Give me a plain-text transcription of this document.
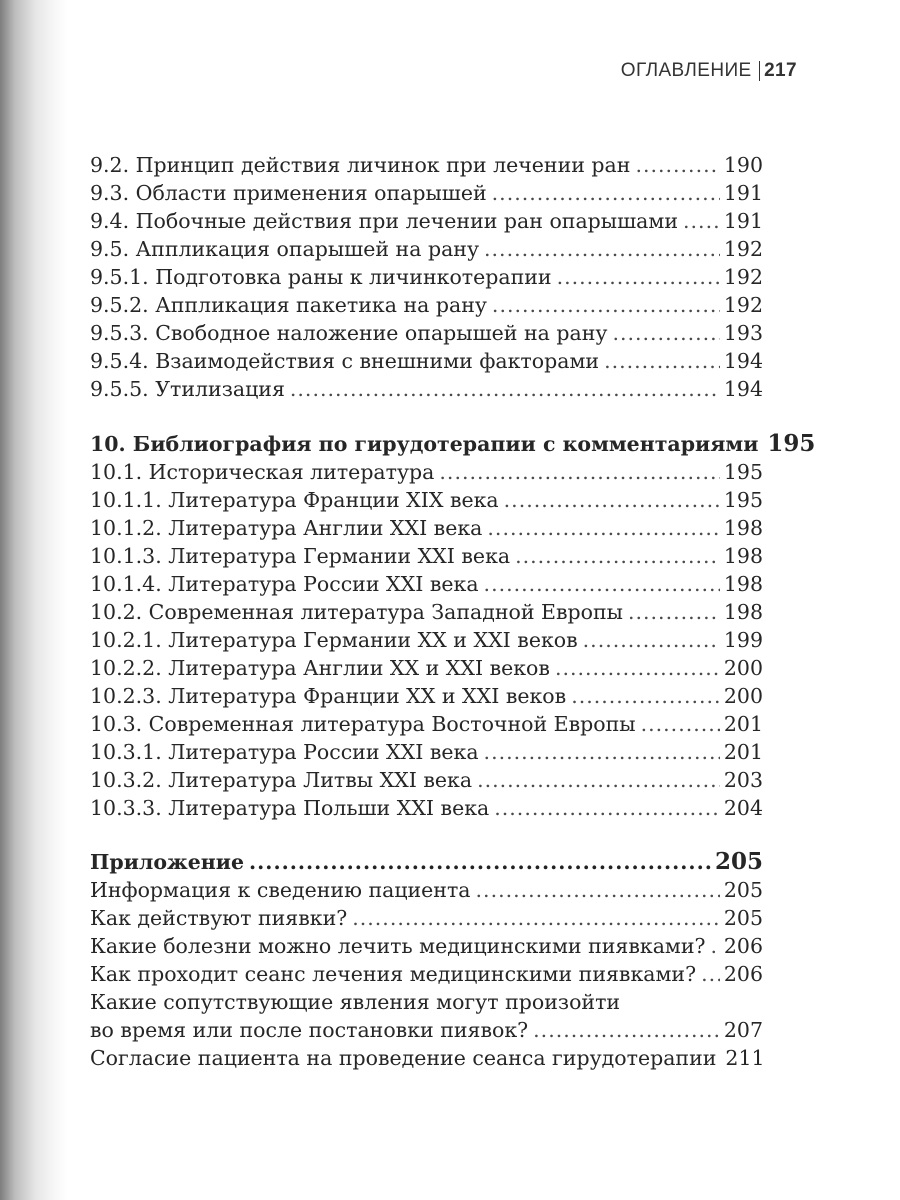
ОГЛАВЛЕНИЕ 217
9.2. Принцип действия личинок при лечении ран .....	190
9.3. Области применения опарышей .....	191
9.4. Побочные действия при лечении ран опарышами ..... 191
9.5. Аппликация опарышей на рану .....	192
9.5.1. Подготовка раны к личинкотерапии .....	192
9.5.2. Аппликация пакетика на рану .....	192
9.5.3. Свободное наложение опарышей на рану .....	193
9.5.4. Взаимодействия с внешними факторами .....	194
9.5.5. Утилизация .....	194
10. Библиография по гирудотерапии с комментариями 195
10.1. Историческая литература .....	195
10.1.1. Литература Франции XIX века .....	195
10.1.2. Литература Англии XXI века .....	198
10.1.3. Литература Германии XXI века .....	198
10.1.4. Литература России XXI века .....	198
10.2. Современная литература Западной Европы .....	198
10.2.1. Литература Германии XX и XXI веков .....	199
10.2.2. Литература Англии XX и XXI веков .....	200
10.2.3. Литература Франции XX и XXI веков .....	200
10.3. Современная литература Восточной Европы .....	201
10.3.1. Литература России XXI века .....	201
10.3.2. Литература Литвы XXI века .....	203
10.3.3. Литература Польши XXI века .....	204
Приложение .....	205
Информация к сведению пациента .....	205
Как действуют пиявки? .....	205
Какие болезни можно лечить медицинскими пиявками? ..... 206
Как проходит сеанс лечения медицинскими пиявками? ..... 206
Какие сопутствующие явления могут произойти
во время или после постановки пиявок? .....	207
Согласие пациента на проведение сеанса гирудотерапии 211
